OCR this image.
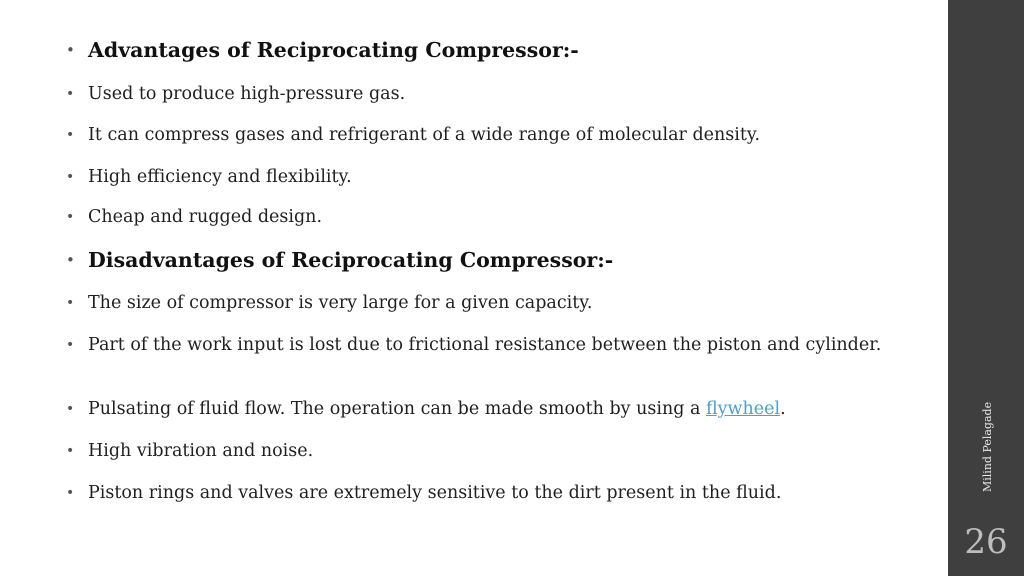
• Advantages of Reciprocating Compressor:-
• Used to produce high-pressure gas.
• It can compress gases and refrigerant of a wide range of molecular density.
• High efficiency and flexibility.
• Cheap and rugged design.
• Disadvantages of Reciprocating Compressor:-
• The size of compressor is very large for a given capacity.
• Part of the work input is lost due to frictional resistance between the piston and cylinder.
• Pulsating of fluid flow. The operation can be made smooth by using a flywheel.
• High vibration and noise.
• Piston rings and valves are extremely sensitive to the dirt present in the fluid.
Milind Pelagade
26
